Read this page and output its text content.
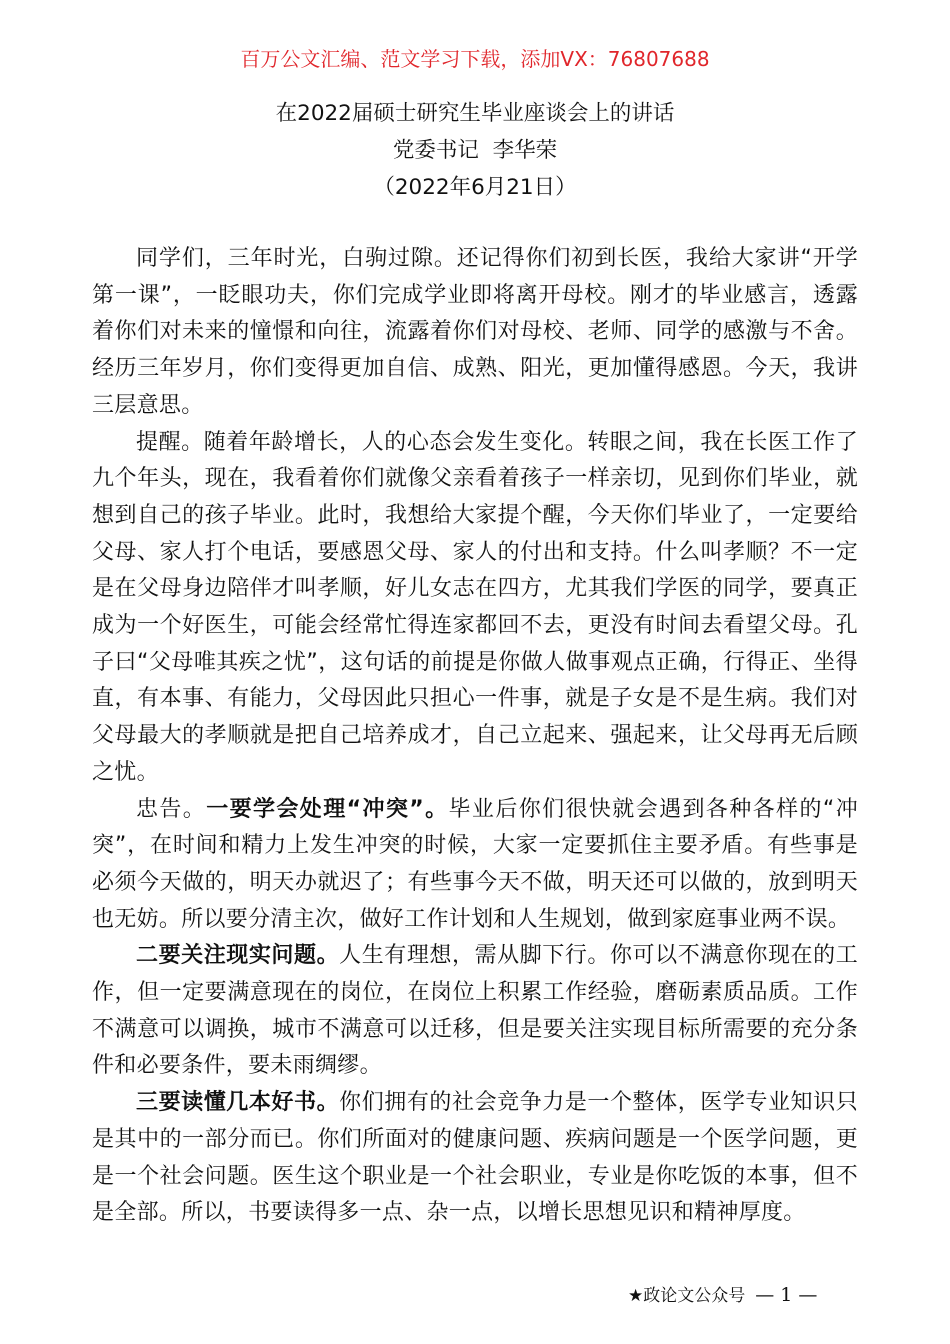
百万公文汇编、范文学习下载，添加VX：76807688
在2022届硕士研究生毕业座谈会上的讲话
党委书记  李华荣
（2022年6月21日）

同学们，三年时光，白驹过隙。还记得你们初到长医，我给大家讲“开学第一课”，一眨眼功夫，你们完成学业即将离开母校。刚才的毕业感言，透露着你们对未来的憧憬和向往，流露着你们对母校、老师、同学的感激与不舍。经历三年岁月，你们变得更加自信、成熟、阳光，更加懂得感恩。今天，我讲三层意思。

提醒。随着年龄增长，人的心态会发生变化。转眼之间，我在长医工作了九个年头，现在，我看着你们就像父亲看着孩子一样亲切，见到你们毕业，就想到自己的孩子毕业。此时，我想给大家提个醒，今天你们毕业了，一定要给父母、家人打个电话，要感恩父母、家人的付出和支持。什么叫孝顺？不一定是在父母身边陪伴才叫孝顺，好儿女志在四方，尤其我们学医的同学，要真正成为一个好医生，可能会经常忙得连家都回不去，更没有时间去看望父母。孔子曰“父母唯其疾之忧”，这句话的前提是你做人做事观点正确，行得正、坐得直，有本事、有能力，父母因此只担心一件事，就是子女是不是生病。我们对父母最大的孝顺就是把自己培养成才，自己立起来、强起来，让父母再无后顾之忧。

忠告。一要学会处理“冲突”。毕业后你们很快就会遇到各种各样的“冲突”，在时间和精力上发生冲突的时候，大家一定要抓住主要矛盾。有些事是必须今天做的，明天办就迟了；有些事今天不做，明天还可以做的，放到明天也无妨。所以要分清主次，做好工作计划和人生规划，做到家庭事业两不误。

二要关注现实问题。人生有理想，需从脚下行。你可以不满意你现在的工作，但一定要满意现在的岗位，在岗位上积累工作经验，磨砺素质品质。工作不满意可以调换，城市不满意可以迁移，但是要关注实现目标所需要的充分条件和必要条件，要未雨绸缪。

三要读懂几本好书。你们拥有的社会竞争力是一个整体，医学专业知识只是其中的一部分而已。你们所面对的健康问题、疾病问题是一个医学问题，更是一个社会问题。医生这个职业是一个社会职业，专业是你吃饭的本事，但不是全部。所以，书要读得多一点、杂一点，以增长思想见识和精神厚度。

★政论文公众号 — 1 —
